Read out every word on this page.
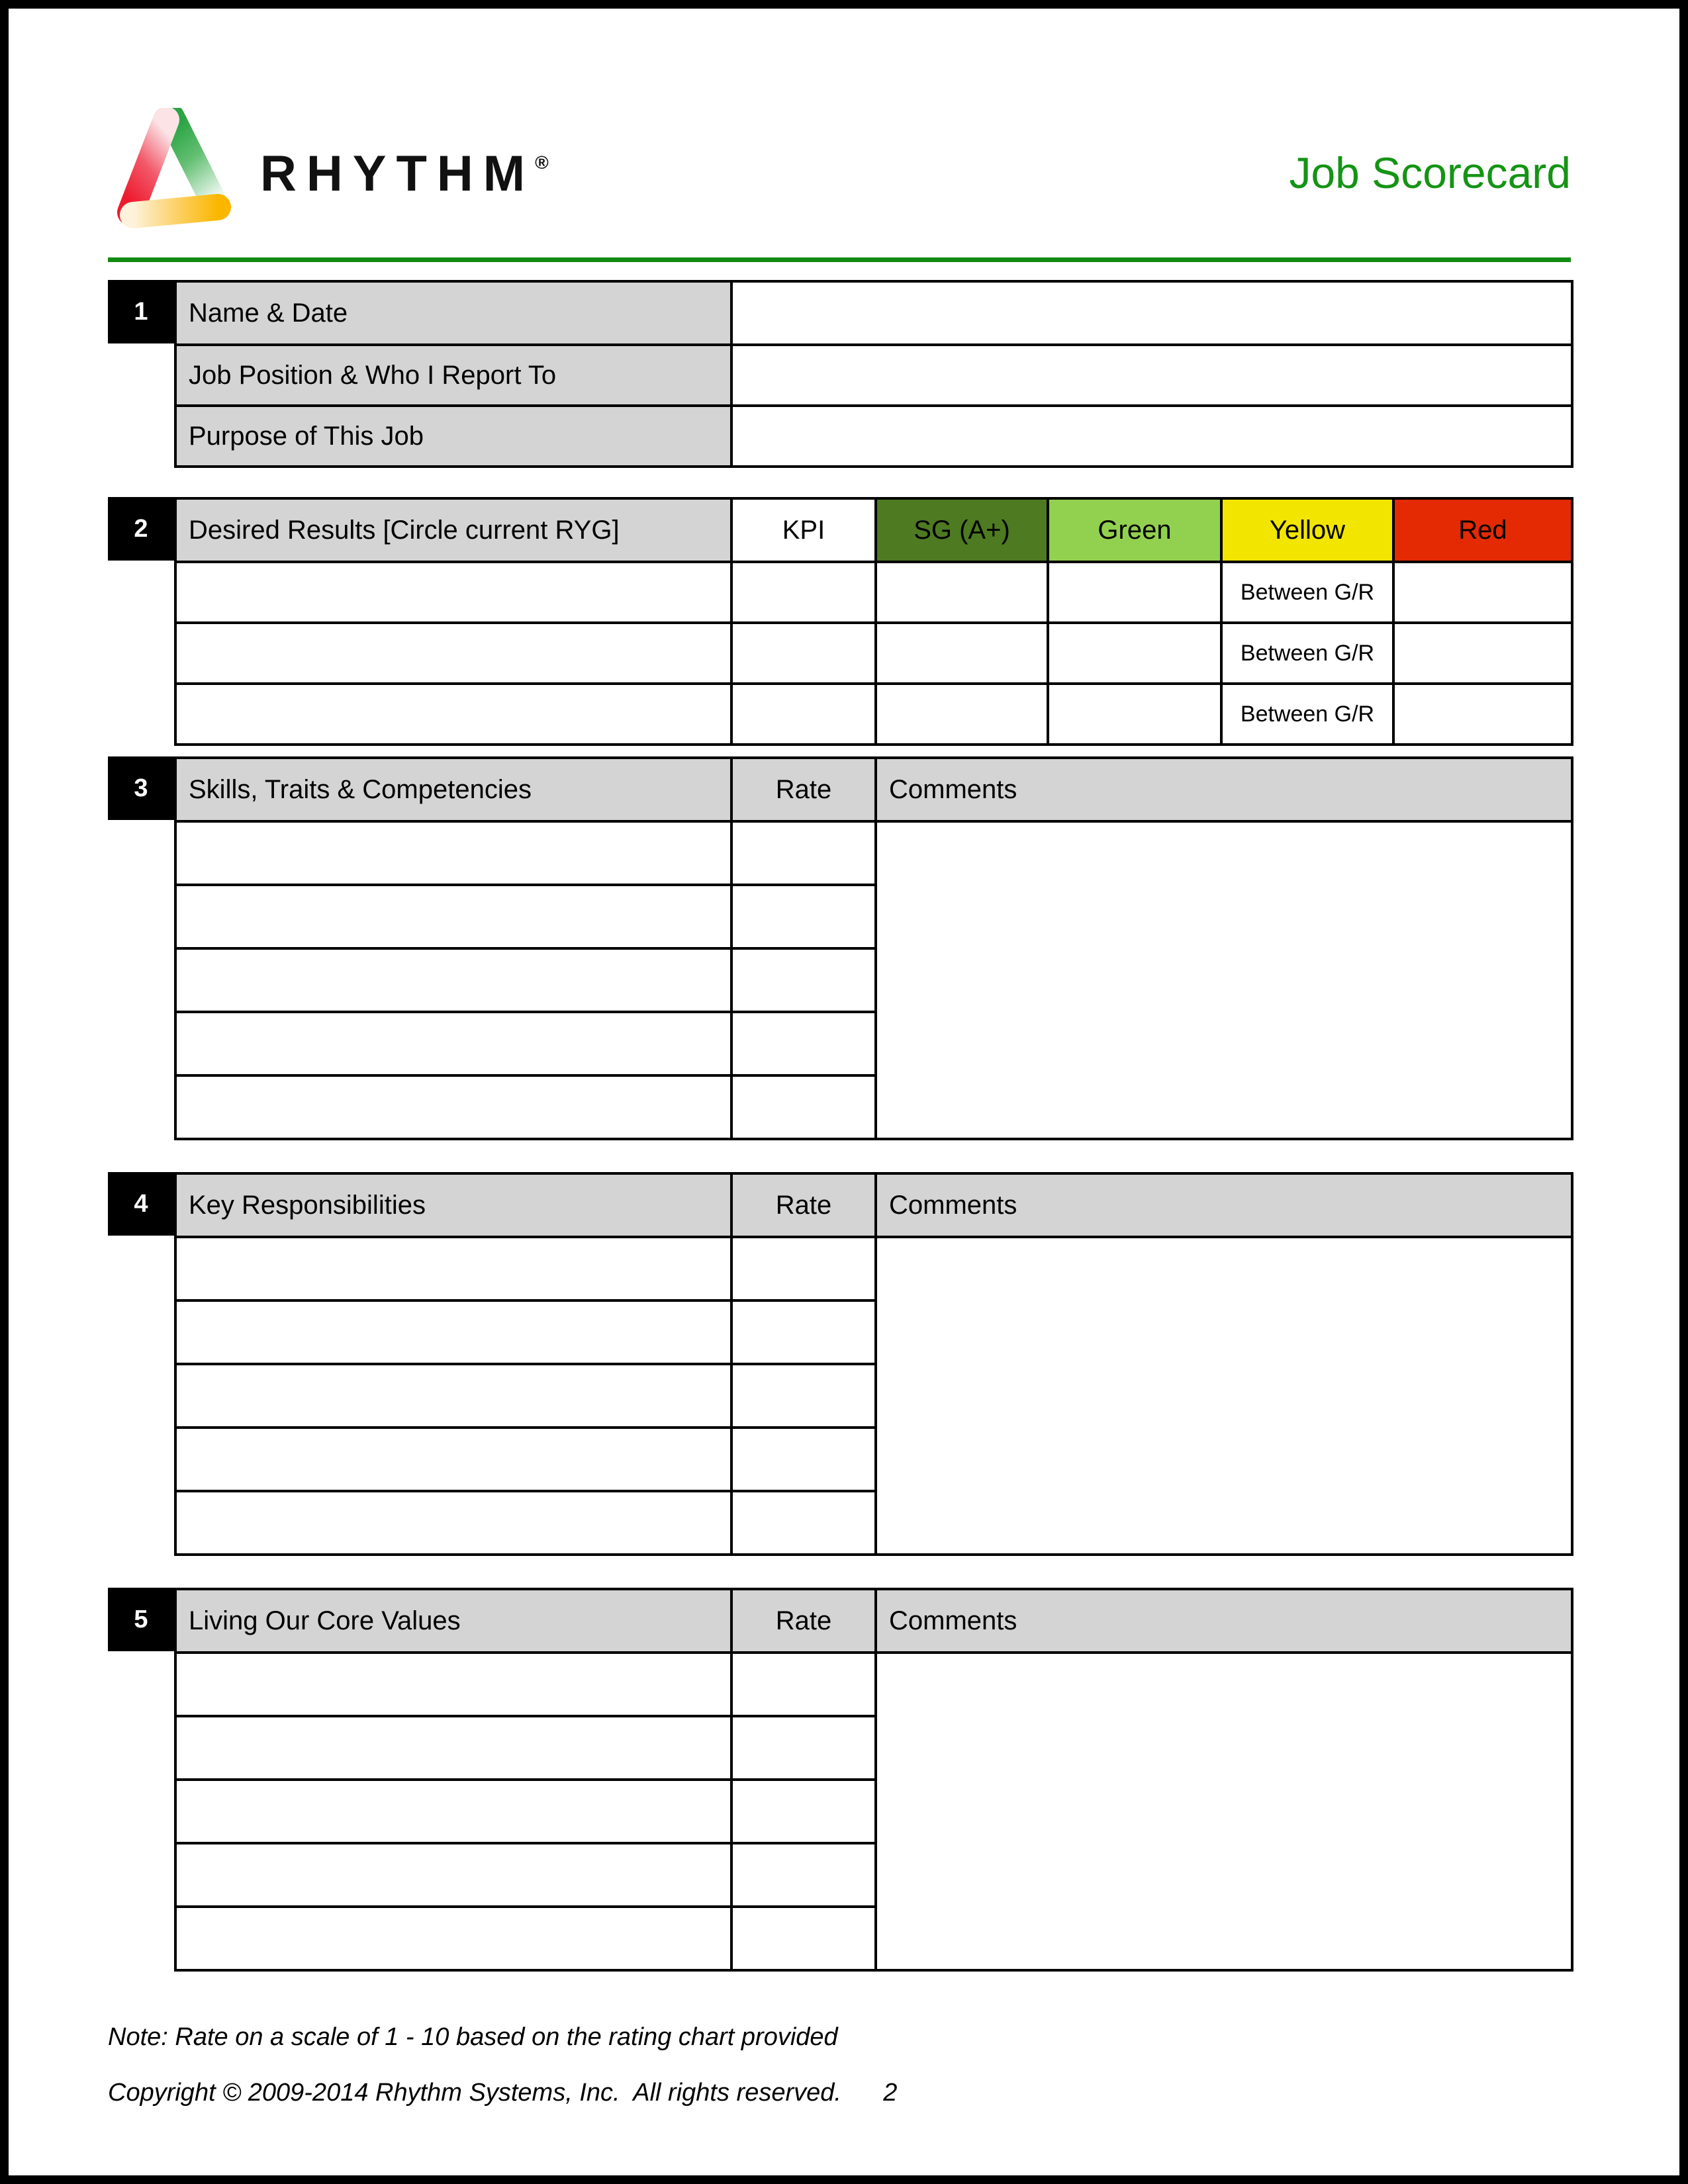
RHYTHM®	Job Scorecard
1	Name & Date	
Job Position & Who I Report To	
Purpose of This Job	
2	Desired Results [Circle current RYG]	KPI	SG (A+)	Green	Yellow	Red
				Between G/R	
				Between G/R	
				Between G/R	
3	Skills, Traits & Competencies	Rate	Comments

4	Key Responsibilities	Rate	Comments

5	Living Our Core Values	Rate	Comments

Note: Rate on a scale of 1 - 10 based on the rating chart provided
Copyright © 2009-2014 Rhythm Systems, Inc.  All rights reserved.      2
